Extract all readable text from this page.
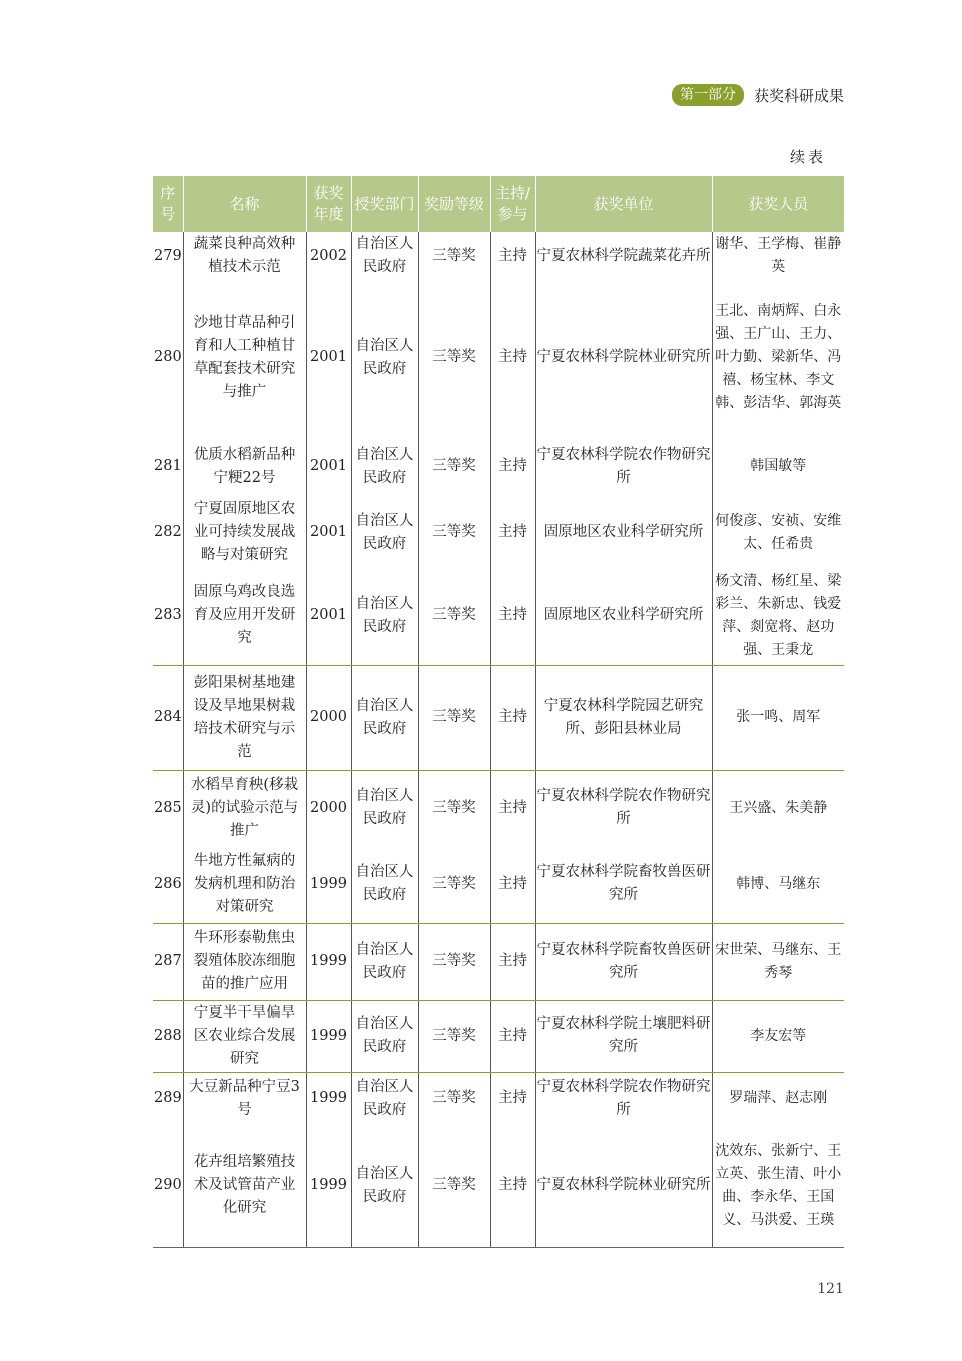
第一部分	获奖科研成果
续表
序号	名称	获奖年度	授奖部门	奖励等级	主持/参与	获奖单位	获奖人员
279	蔬菜良种高效种植技术示范	2002	自治区人民政府	三等奖	主持	宁夏农林科学院蔬菜花卉所	谢华、王学梅、崔静英
280	沙地甘草品种引育和人工种植甘草配套技术研究与推广	2001	自治区人民政府	三等奖	主持	宁夏农林科学院林业研究所	王北、南炳辉、白永强、王广山、王力、叶力勤、梁新华、冯禧、杨宝林、李文韩、彭洁华、郭海英
281	优质水稻新品种宁粳22号	2001	自治区人民政府	三等奖	主持	宁夏农林科学院农作物研究所	韩国敏等
282	宁夏固原地区农业可持续发展战略与对策研究	2001	自治区人民政府	三等奖	主持	固原地区农业科学研究所	何俊彦、安祯、安维太、任希贵
283	固原乌鸡改良选育及应用开发研究	2001	自治区人民政府	三等奖	主持	固原地区农业科学研究所	杨文清、杨红星、梁彩兰、朱新忠、钱爱萍、剡宽将、赵功强、王秉龙
284	彭阳果树基地建设及旱地果树栽培技术研究与示范	2000	自治区人民政府	三等奖	主持	宁夏农林科学院园艺研究所、彭阳县林业局	张一鸣、周军
285	水稻旱育秧(移栽灵)的试验示范与推广	2000	自治区人民政府	三等奖	主持	宁夏农林科学院农作物研究所	王兴盛、朱美静
286	牛地方性氟病的发病机理和防治对策研究	1999	自治区人民政府	三等奖	主持	宁夏农林科学院畜牧兽医研究所	韩博、马继东
287	牛环形泰勒焦虫裂殖体胶冻细胞苗的推广应用	1999	自治区人民政府	三等奖	主持	宁夏农林科学院畜牧兽医研究所	宋世荣、马继东、王秀琴
288	宁夏半干旱偏旱区农业综合发展研究	1999	自治区人民政府	三等奖	主持	宁夏农林科学院土壤肥料研究所	李友宏等
289	大豆新品种宁豆3号	1999	自治区人民政府	三等奖	主持	宁夏农林科学院农作物研究所	罗瑞萍、赵志刚
290	花卉组培繁殖技术及试管苗产业化研究	1999	自治区人民政府	三等奖	主持	宁夏农林科学院林业研究所	沈效东、张新宁、王立英、张生清、叶小曲、李永华、王国义、马洪爱、王瑛
121
